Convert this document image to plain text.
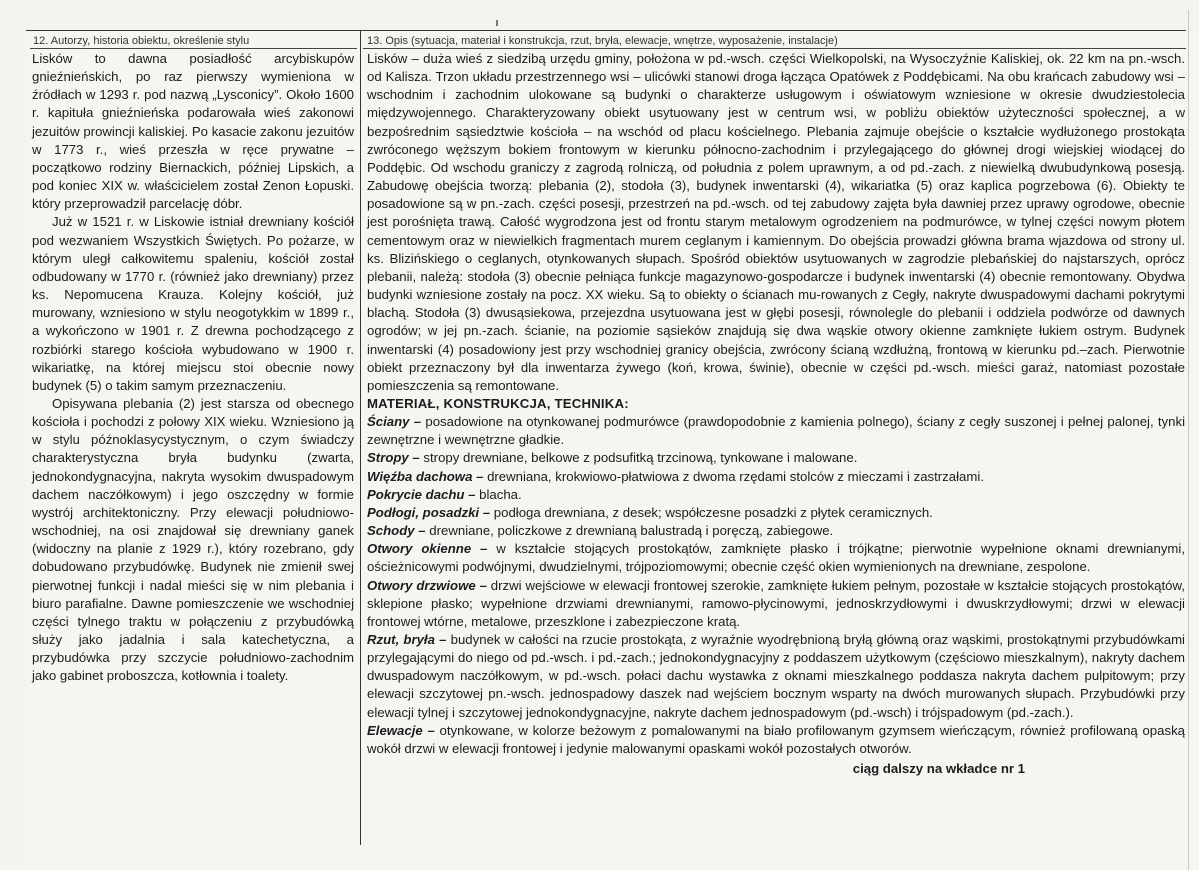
12. Autorzy, historia obiektu, określenie stylu	13. Opis (sytuacja, materiał i konstrukcja, rzut, bryła, elewacje, wnętrze, wyposażenie, instalacje)

Lisków to dawna posiadłość arcybiskupów gnieźnieńskich, po raz pierwszy wymieniona w źródłach w 1293 r. pod nazwą „Lysconicy”. Około 1600 r. kapituła gnieźnieńska podarowała wieś zakonowi jezuitów prowincji kaliskiej. Po kasacie zakonu jezuitów w 1773 r., wieś przeszła w ręce prywatne – początkowo rodziny Biernackich, później Lipskich, a pod koniec XIX w. właścicielem został Zenon Łopuski. który przeprowadził parcelację dóbr.

Już w 1521 r. w Liskowie istniał drewniany kościół pod wezwaniem Wszystkich Świętych. Po pożarze, w którym uległ całkowitemu spaleniu, kościół został odbudowany w 1770 r. (również jako drewniany) przez ks. Nepomucena Krauza. Kolejny kościół, już murowany, wzniesiono w stylu neogotykkim w 1899 r., a wykończono w 1901 r. Z drewna pochodzącego z rozbiórki starego kościoła wybudowano w 1900 r. wikariatkę, na której miejscu stoi obecnie nowy budynek (5) o takim samym przeznaczeniu.

Opisywana plebania (2) jest starsza od obecnego kościoła i pochodzi z połowy XIX wieku. Wzniesiono ją w stylu późnoklasycystycznym, o czym świadczy charakterystyczna bryła budynku (zwarta, jednokondygnacyjna, nakryta wysokim dwuspadowym dachem naczółkowym) i jego oszczędny w formie wystrój architektoniczny. Przy elewacji południowo-wschodniej, na osi znajdował się drewniany ganek (widoczny na planie z 1929 r.), który rozebrano, gdy dobudowano przybudówkę. Budynek nie zmienił swej pierwotnej funkcji i nadal mieści się w nim plebania i biuro parafialne. Dawne pomieszczenie we wschodniej części tylnego traktu w połączeniu z przybudówką służy jako jadalnia i sala katechetyczna, a przybudówka przy szczycie południowo-zachodnim jako gabinet proboszcza, kotłownia i toalety.

Lisków – duża wieś z siedzibą urzędu gminy, położona w pd.-wsch. części Wielkopolski, na Wysoczyźnie Kaliskiej, ok. 22 km na pn.-wsch. od Kalisza. Trzon układu przestrzennego wsi – ulicówki stanowi droga łącząca Opatówek z Poddębicami. Na obu krańcach zabudowy wsi – wschodnim i zachodnim ulokowane są budynki o charakterze usługowym i oświatowym wzniesione w okresie dwudziestolecia międzywojennego. Charakteryzowany obiekt usytuowany jest w centrum wsi, w pobliżu obiektów użyteczności społecznej, a w bezpośrednim sąsiedztwie kościoła – na wschód od placu kościelnego. Plebania zajmuje obejście o kształcie wydłużonego prostokąta zwróconego węższym bokiem frontowym w kierunku północno-zachodnim i przylegającego do głównej drogi wiejskiej wiodącej do Poddębic. Od wschodu graniczy z zagrodą rolniczą, od południa z polem uprawnym, a od pd.-zach. z niewielką dwubudynkową posesją. Zabudowę obejścia tworzą: plebania (2), stodoła (3), budynek inwentarski (4), wikariatka (5) oraz kaplica pogrzebowa (6). Obiekty te posadowione są w pn.-zach. części posesji, przestrzeń na pd.-wsch. od tej zabudowy zajęta była dawniej przez uprawy ogrodowe, obecnie jest porośnięta trawą. Całość wygrodzona jest od frontu starym metalowym ogrodzeniem na podmurówce, w tylnej części nowym płotem cementowym oraz w niewielkich fragmentach murem ceglanym i kamiennym. Do obejścia prowadzi główna brama wjazdowa od strony ul. ks. Blizińskiego o ceglanych, otynkowanych słupach. Spośród obiektów usytuowanych w zagrodzie plebańskiej do najstarszych, oprócz plebanii, należą: stodoła (3) obecnie pełniąca funkcje magazynowo-gospodarcze i budynek inwentarski (4) obecnie remontowany. Obydwa budynki wzniesione zostały na pocz. XX wieku. Są to obiekty o ścianach mu-rowanych z Cegły, nakryte dwuspadowymi dachami pokrytymi blachą. Stodoła (3) dwusąsiekowa, przejezdna usytuowana jest w głębi posesji, równolegle do plebanii i oddziela podwórze od dawnych ogrodów; w jej pn.-zach. ścianie, na poziomie sąsieków znajdują się dwa wąskie otwory okienne zamknięte łukiem ostrym. Budynek inwentarski (4) posadowiony jest przy wschodniej granicy obejścia, zwrócony ścianą wzdłużną, frontową w kierunku pd.–zach. Pierwotnie obiekt przeznaczony był dla inwentarza żywego (koń, krowa, świnie), obecnie w części pd.-wsch. mieści garaż, natomiast pozostałe pomieszczenia są remontowane.

MATERIAŁ, KONSTRUKCJA, TECHNIKA:

Ściany – posadowione na otynkowanej podmurówce (prawdopodobnie z kamienia polnego), ściany z cegły suszonej i pełnej palonej, tynki zewnętrzne i wewnętrzne gładkie.

Stropy – stropy drewniane, belkowe z podsufitką trzcinową, tynkowane i malowane.

Więźba dachowa – drewniana, krokwiowo-płatwiowa z dwoma rzędami stolców z mieczami i zastrzałami.

Pokrycie dachu – blacha.

Podłogi, posadzki – podłoga drewniana, z desek; współczesne posadzki z płytek ceramicznych.

Schody – drewniane, policzkowe z drewnianą balustradą i poręczą, zabiegowe.

Otwory okienne – w kształcie stojących prostokątów, zamknięte płasko i trójkątne; pierwotnie wypełnione oknami drewnianymi, ościeżnicowymi podwójnymi, dwudzielnymi, trójpoziomowymi; obecnie część okien wymienionych na drewniane, zespolone.

Otwory drzwiowe – drzwi wejściowe w elewacji frontowej szerokie, zamknięte łukiem pełnym, pozostałe w kształcie stojących prostokątów, sklepione płasko; wypełnione drzwiami drewnianymi, ramowo-płycinowymi, jednoskrzydłowymi i dwuskrzydłowymi; drzwi w elewacji frontowej wtórne, metalowe, przeszklone i zabezpieczone kratą.

Rzut, bryła – budynek w całości na rzucie prostokąta, z wyraźnie wyodrębnioną bryłą główną oraz wąskimi, prostokątnymi przybudówkami przylegającymi do niego od pd.-wsch. i pd.-zach.; jednokondygnacyjny z poddaszem użytkowym (częściowo mieszkalnym), nakryty dachem dwuspadowym naczółkowym, w pd.-wsch. połaci dachu wystawka z oknami mieszkalnego poddasza nakryta dachem pulpitowym; przy elewacji szczytowej pn.-wsch. jednospadowy daszek nad wejściem bocznym wsparty na dwóch murowanych słupach. Przybudówki przy elewacji tylnej i szczytowej jednokondygnacyjne, nakryte dachem jednospadowym (pd.-wsch) i trójspadowym (pd.-zach.).

Elewacje – otynkowane, w kolorze beżowym z pomalowanymi na biało profilowanym gzymsem wieńczącym, również profilowaną opaską wokół drzwi w elewacji frontowej i jedynie malowanymi opaskami wokół pozostałych otworów.

ciąg dalszy na wkładce nr 1
